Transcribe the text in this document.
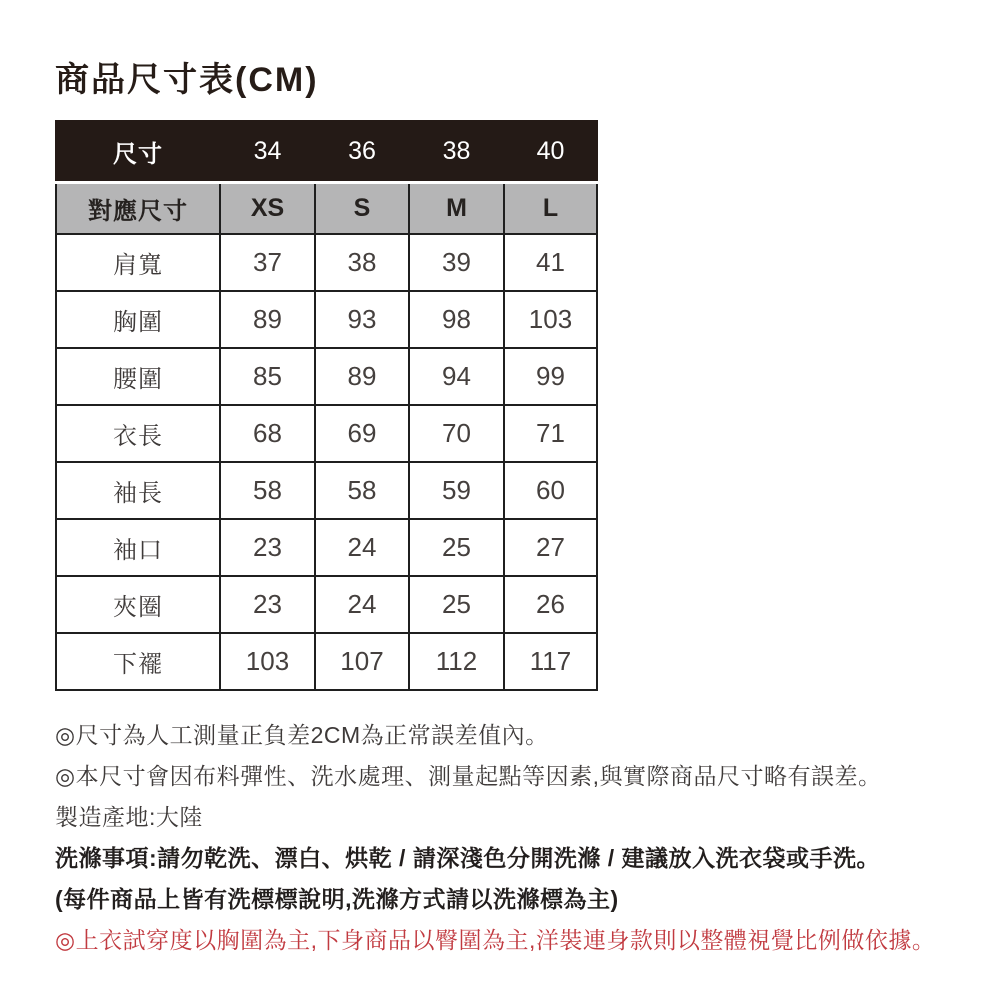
商品尺寸表(CM)
尺寸	34	36	38	40
對應尺寸	XS	S	M	L
肩寬	37	38	39	41
胸圍	89	93	98	103
腰圍	85	89	94	99
衣長	68	69	70	71
袖長	58	58	59	60
袖口	23	24	25	27
夾圈	23	24	25	26
下襬	103	107	112	117

◎尺寸為人工測量正負差2CM為正常誤差值內。

◎本尺寸會因布料彈性、洗水處理、測量起點等因素,與實際商品尺寸略有誤差。

製造產地:大陸

洗滌事項:請勿乾洗、漂白、烘乾 / 請深淺色分開洗滌 / 建議放入洗衣袋或手洗。

(每件商品上皆有洗標標說明,洗滌方式請以洗滌標為主)

◎上衣試穿度以胸圍為主,下身商品以臀圍為主,洋裝連身款則以整體視覺比例做依據。
